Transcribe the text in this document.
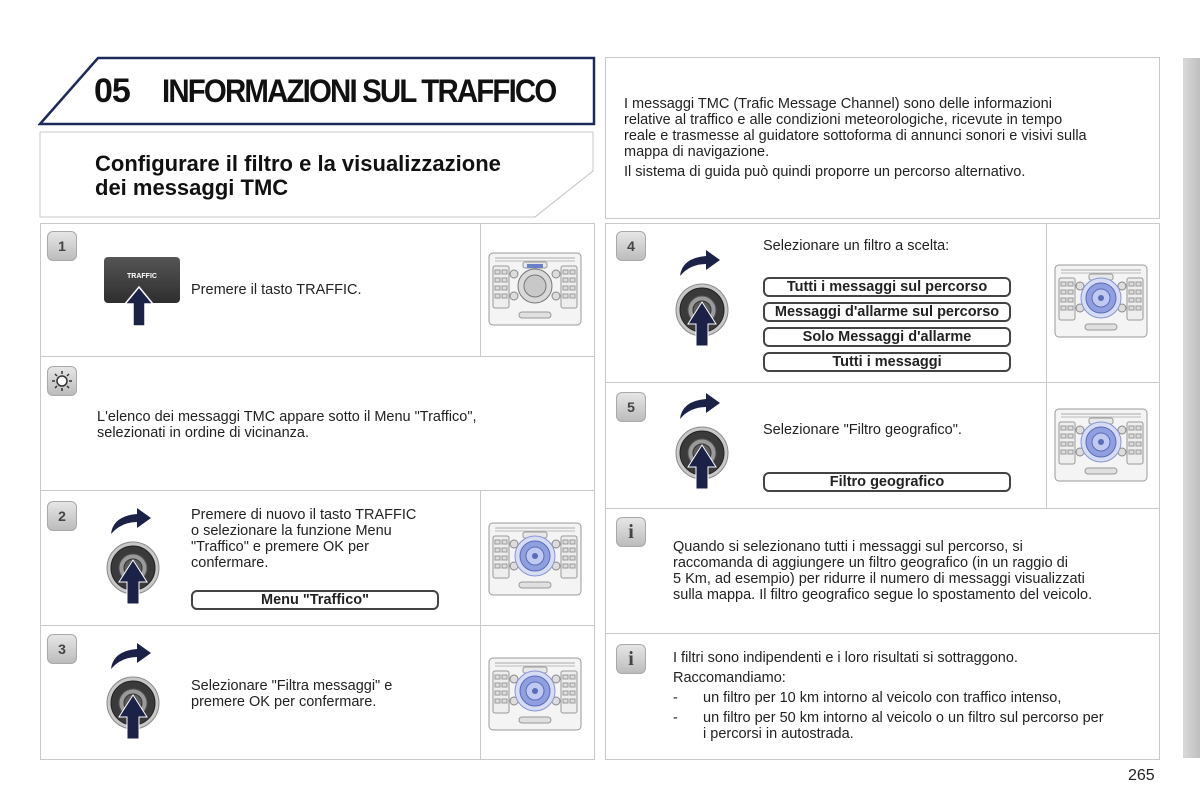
05 INFORMAZIONI SUL TRAFFICO
Configurare il filtro e la visualizzazione
dei messaggi TMC
I messaggi TMC (Trafic Message Channel) sono delle informazioni
relative al traffico e alle condizioni meteorologiche, ricevute in tempo
reale e trasmesse al guidatore sottoforma di annunci sonori e visivi sulla
mappa di navigazione.
Il sistema di guida può quindi proporre un percorso alternativo.
1
TRAFFIC
Premere il tasto TRAFFIC.
L'elenco dei messaggi TMC appare sotto il Menu "Traffico",
selezionati in ordine di vicinanza.
2	Premere di nuovo il tasto TRAFFIC
o selezionare la funzione Menu
"Traffico" e premere OK per
confermare.
Menu "Traffico"
3
Selezionare "Filtra messaggi" e
premere OK per confermare.
4	Selezionare un filtro a scelta:
Tutti i messaggi sul percorso
Messaggi d'allarme sul percorso
Solo Messaggi d'allarme
Tutti i messaggi
5
Selezionare "Filtro geografico".
Filtro geografico
i
Quando si selezionano tutti i messaggi sul percorso, si
raccomanda di aggiungere un filtro geografico (in un raggio di
5 Km, ad esempio) per ridurre il numero di messaggi visualizzati
sulla mappa. Il filtro geografico segue lo spostamento del veicolo.
i	I filtri sono indipendenti e i loro risultati si sottraggono.
Raccomandiamo:
- un filtro per 10 km intorno al veicolo con traffico intenso,
- un filtro per 50 km intorno al veicolo o un filtro sul percorso per
i percorsi in autostrada.
265
